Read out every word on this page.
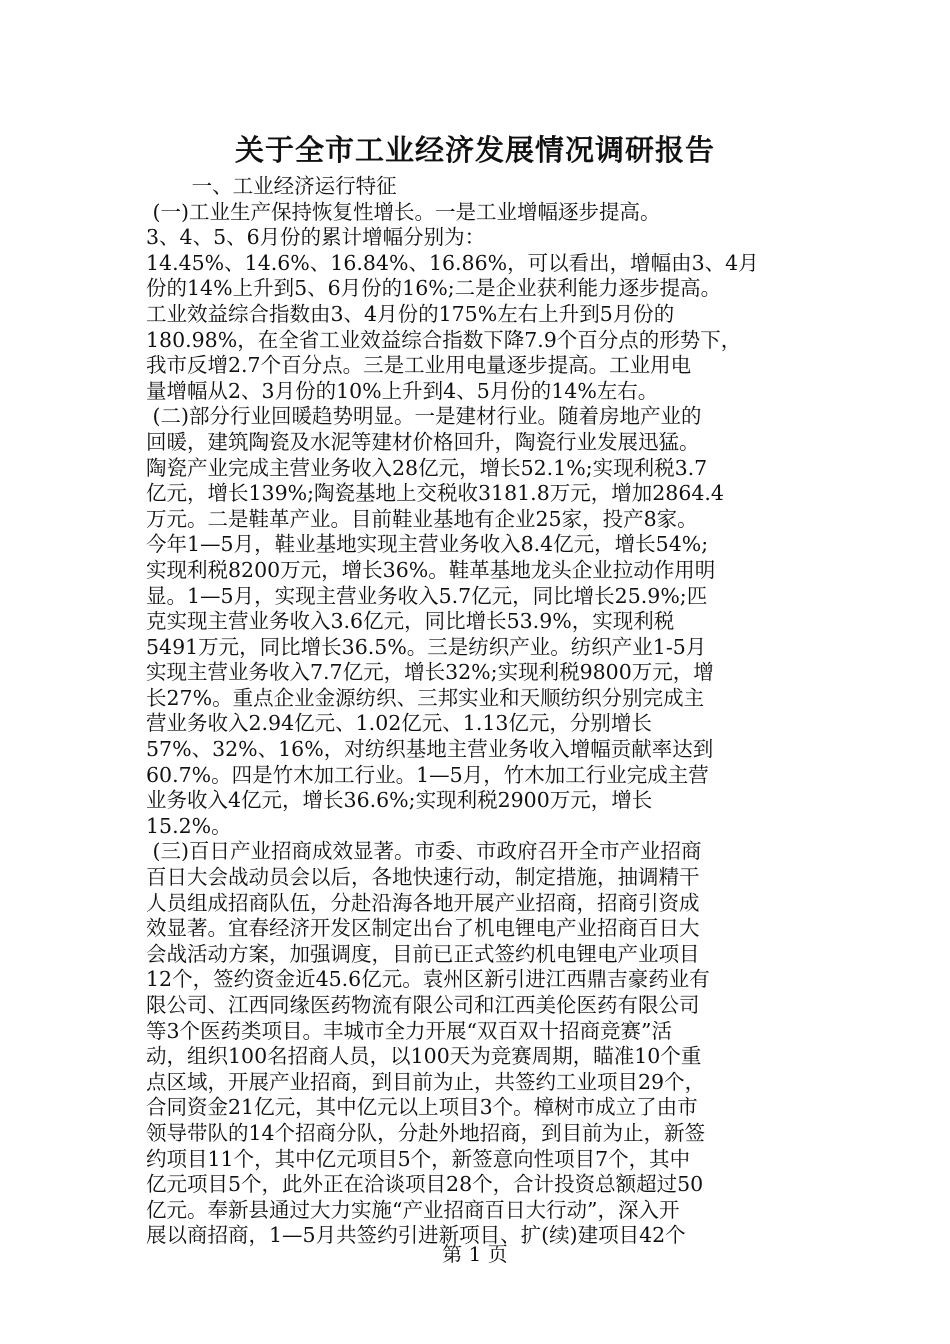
关于全市工业经济发展情况调研报告
一、工业经济运行特征
(一)工业生产保持恢复性增长。一是工业增幅逐步提高。
3、4、5、6月份的累计增幅分别为：
14.45%、14.6%、16.84%、16.86%，可以看出，增幅由3、4月
份的14%上升到5、6月份的16%;二是企业获利能力逐步提高。
工业效益综合指数由3、4月份的175%左右上升到5月份的
180.98%，在全省工业效益综合指数下降7.9个百分点的形势下，
我市反增2.7个百分点。三是工业用电量逐步提高。工业用电
量增幅从2、3月份的10%上升到4、5月份的14%左右。
(二)部分行业回暖趋势明显。一是建材行业。随着房地产业的
回暖，建筑陶瓷及水泥等建材价格回升，陶瓷行业发展迅猛。
陶瓷产业完成主营业务收入28亿元，增长52.1%;实现利税3.7
亿元，增长139%;陶瓷基地上交税收3181.8万元，增加2864.4
万元。二是鞋革产业。目前鞋业基地有企业25家，投产8家。
今年1—5月，鞋业基地实现主营业务收入8.4亿元，增长54%;
实现利税8200万元，增长36%。鞋革基地龙头企业拉动作用明
显。1—5月，实现主营业务收入5.7亿元，同比增长25.9%;匹
克实现主营业务收入3.6亿元，同比增长53.9%，实现利税
5491万元，同比增长36.5%。三是纺织产业。纺织产业1-5月
实现主营业务收入7.7亿元，增长32%;实现利税9800万元，增
长27%。重点企业金源纺织、三邦实业和天顺纺织分别完成主
营业务收入2.94亿元、1.02亿元、1.13亿元，分别增长
57%、32%、16%，对纺织基地主营业务收入增幅贡献率达到
60.7%。四是竹木加工行业。1—5月，竹木加工行业完成主营
业务收入4亿元，增长36.6%;实现利税2900万元，增长
15.2%。
(三)百日产业招商成效显著。市委、市政府召开全市产业招商
百日大会战动员会以后，各地快速行动，制定措施，抽调精干
人员组成招商队伍，分赴沿海各地开展产业招商，招商引资成
效显著。宜春经济开发区制定出台了机电锂电产业招商百日大
会战活动方案，加强调度，目前已正式签约机电锂电产业项目
12个，签约资金近45.6亿元。袁州区新引进江西鼎吉豪药业有
限公司、江西同缘医药物流有限公司和江西美伦医药有限公司
等3个医药类项目。丰城市全力开展“双百双十招商竞赛”活
动，组织100名招商人员，以100天为竞赛周期，瞄准10个重
点区域，开展产业招商，到目前为止，共签约工业项目29个，
合同资金21亿元，其中亿元以上项目3个。樟树市成立了由市
领导带队的14个招商分队，分赴外地招商，到目前为止，新签
约项目11个，其中亿元项目5个，新签意向性项目7个，其中
亿元项目5个，此外正在洽谈项目28个，合计投资总额超过50
亿元。奉新县通过大力实施“产业招商百日大行动”，深入开
展以商招商，1—5月共签约引进新项目、扩(续)建项目42个
第 1 页
